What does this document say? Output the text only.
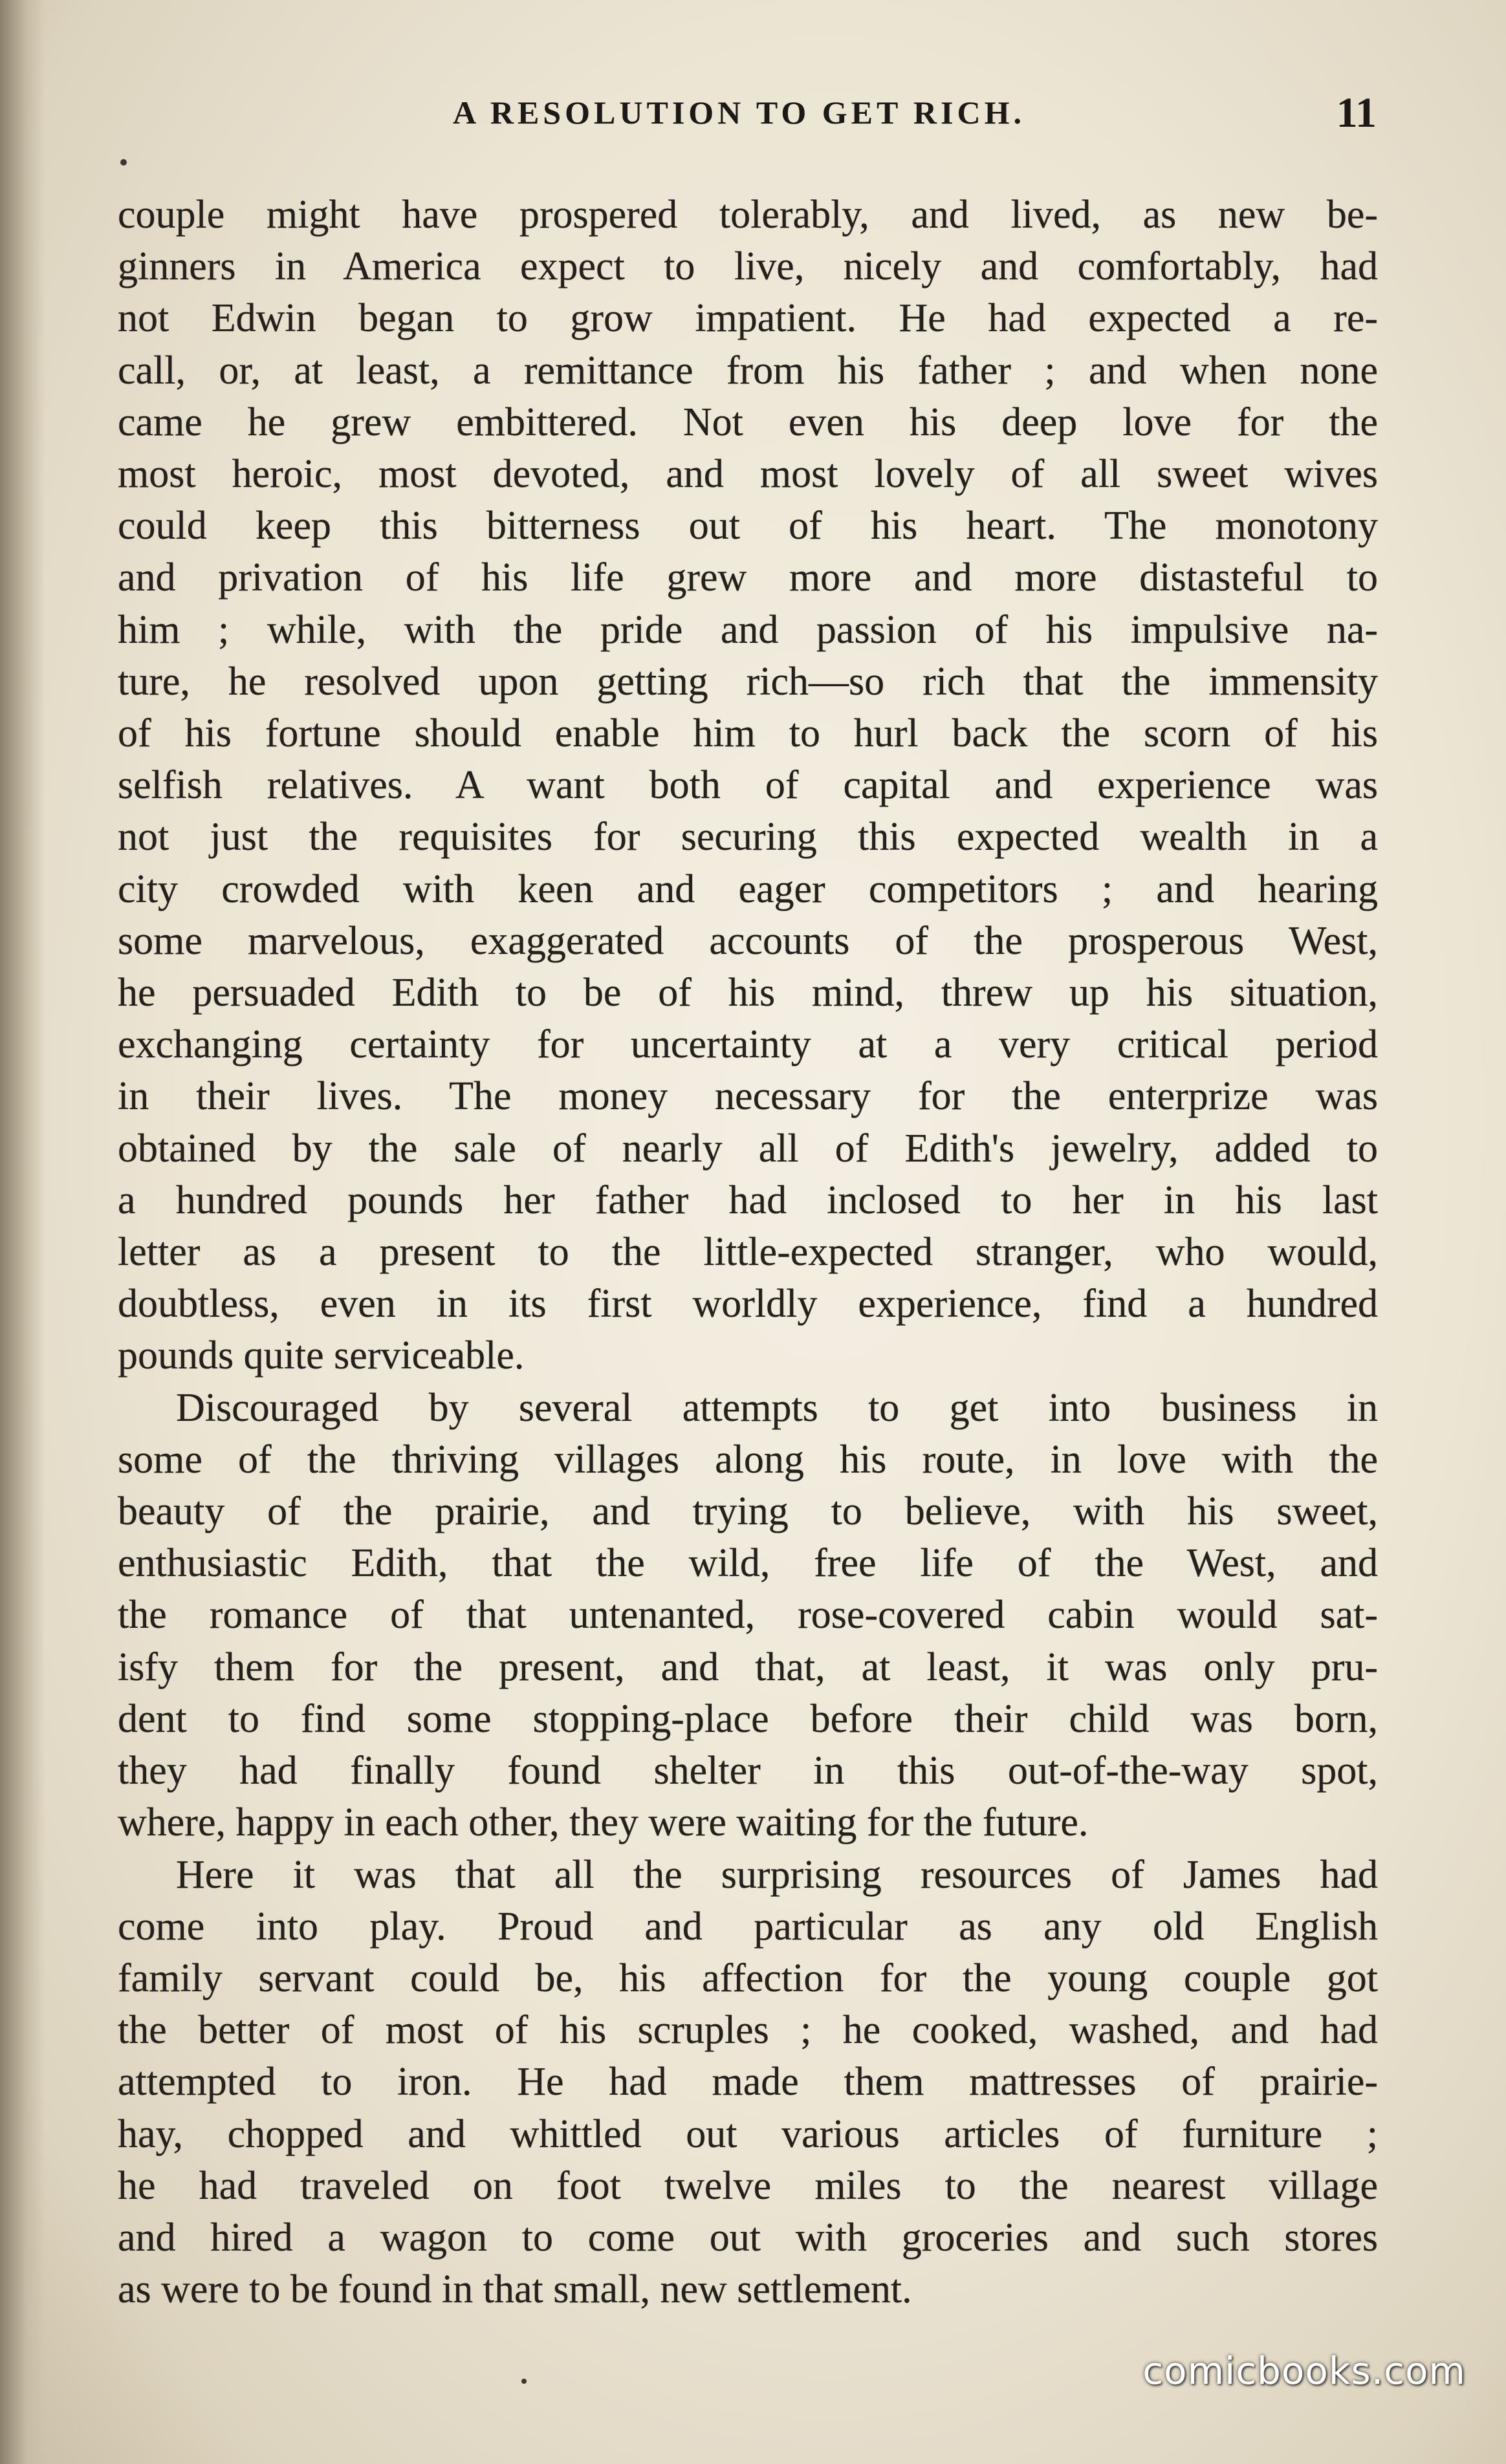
A RESOLUTION TO GET RICH.	11
couple might have prospered tolerably, and lived, as new be-
ginners in America expect to live, nicely and comfortably, had
not Edwin began to grow impatient. He had expected a re-
call, or, at least, a remittance from his father ; and when none
came he grew embittered. Not even his deep love for the
most heroic, most devoted, and most lovely of all sweet wives
could keep this bitterness out of his heart. The monotony
and privation of his life grew more and more distasteful to
him ; while, with the pride and passion of his impulsive na-
ture, he resolved upon getting rich—so rich that the immensity
of his fortune should enable him to hurl back the scorn of his
selfish relatives. A want both of capital and experience was
not just the requisites for securing this expected wealth in a
city crowded with keen and eager competitors ; and hearing
some marvelous, exaggerated accounts of the prosperous West,
he persuaded Edith to be of his mind, threw up his situation,
exchanging certainty for uncertainty at a very critical period
in their lives. The money necessary for the enterprize was
obtained by the sale of nearly all of Edith's jewelry, added to
a hundred pounds her father had inclosed to her in his last
letter as a present to the little-expected stranger, who would,
doubtless, even in its first worldly experience, find a hundred
pounds quite serviceable.
Discouraged by several attempts to get into business in
some of the thriving villages along his route, in love with the
beauty of the prairie, and trying to believe, with his sweet,
enthusiastic Edith, that the wild, free life of the West, and
the romance of that untenanted, rose-covered cabin would sat-
isfy them for the present, and that, at least, it was only pru-
dent to find some stopping-place before their child was born,
they had finally found shelter in this out-of-the-way spot,
where, happy in each other, they were waiting for the future.
Here it was that all the surprising resources of James had
come into play. Proud and particular as any old English
family servant could be, his affection for the young couple got
the better of most of his scruples ; he cooked, washed, and had
attempted to iron. He had made them mattresses of prairie-
hay, chopped and whittled out various articles of furniture ;
he had traveled on foot twelve miles to the nearest village
and hired a wagon to come out with groceries and such stores
as were to be found in that small, new settlement.
comicbooks.com
